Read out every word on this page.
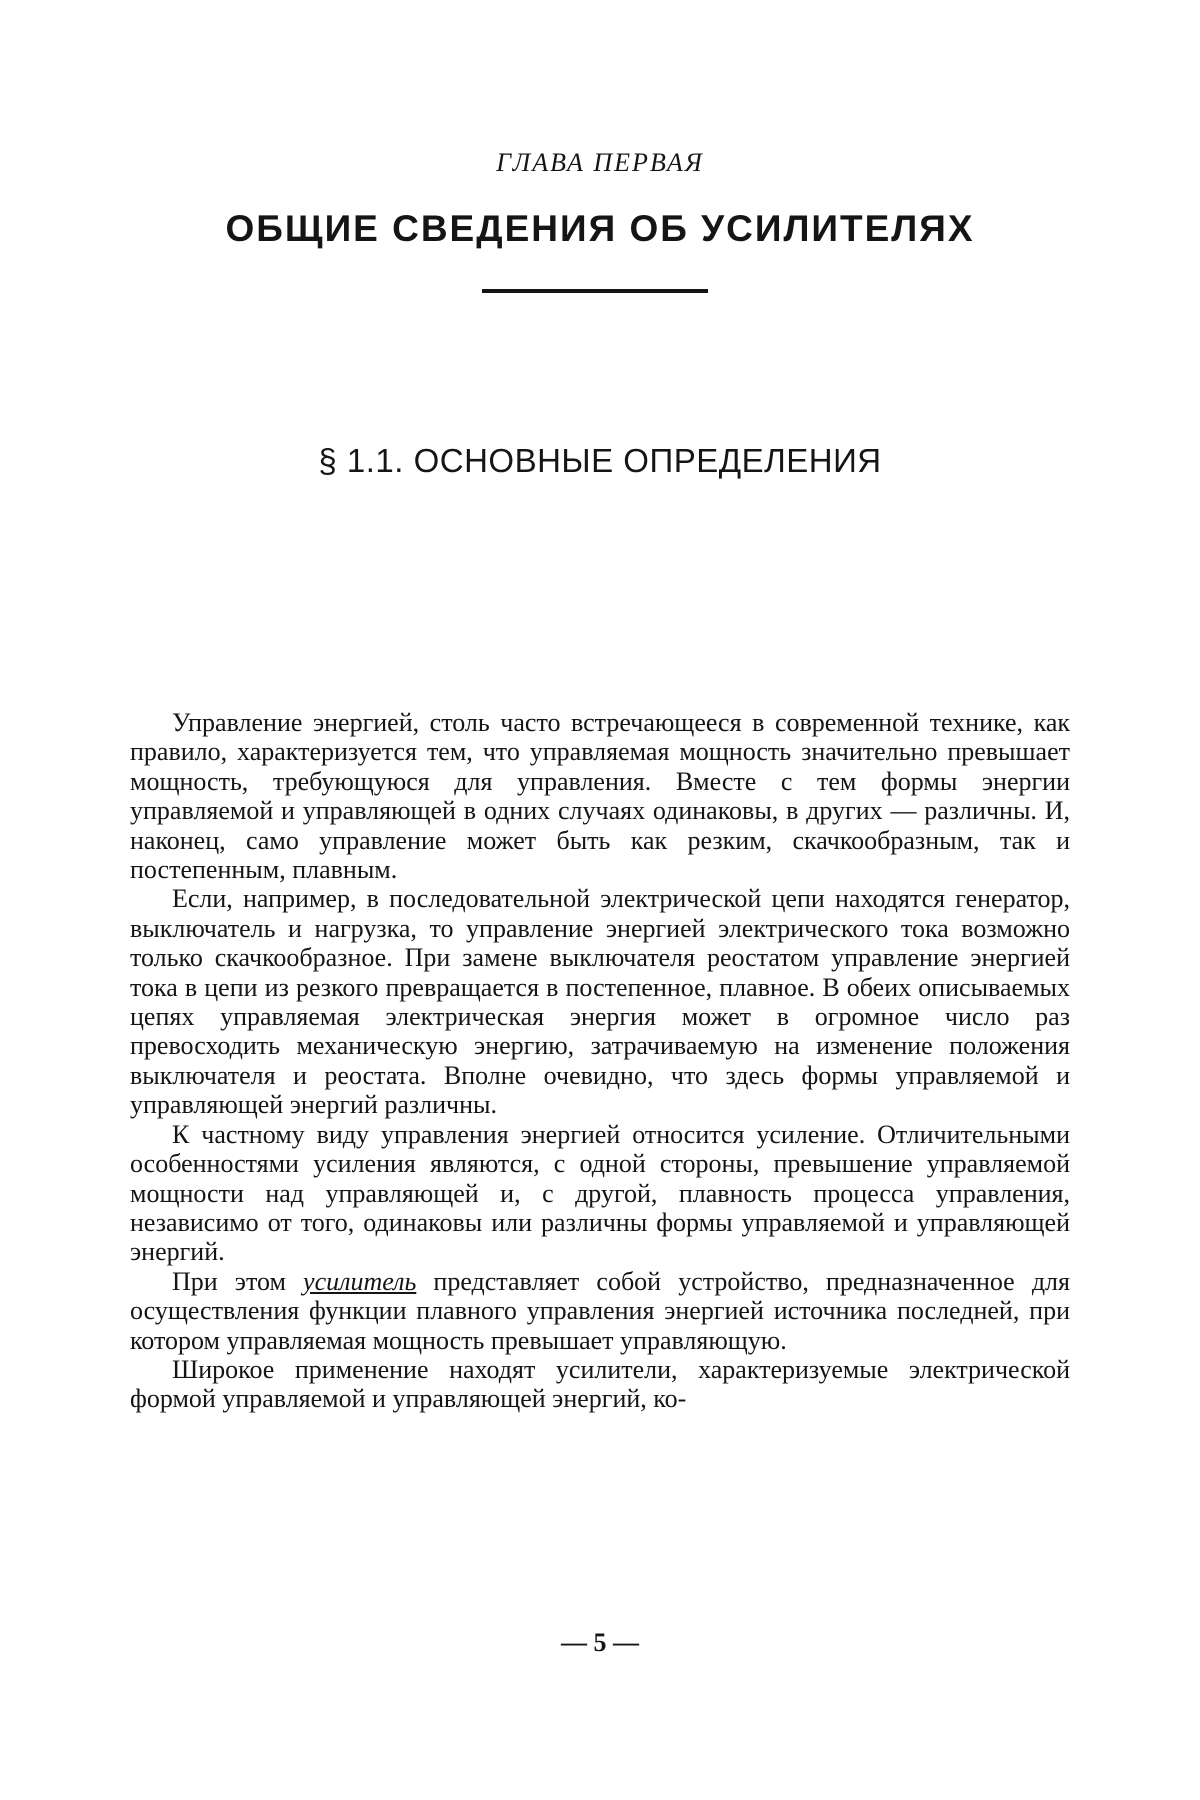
ГЛАВА ПЕРВАЯ
ОБЩИЕ СВЕДЕНИЯ ОБ УСИЛИТЕЛЯХ
§ 1.1. ОСНОВНЫЕ ОПРЕДЕЛЕНИЯ

Управление энергией, столь часто встречающееся в современной технике, как правило, характеризуется тем, что управляемая мощность значительно превышает мощность, требующуюся для управления. Вместе с тем формы энергии управляемой и управляющей в одних случаях одинаковы, в других — различны. И, наконец, само управление может быть как резким, скачкообразным, так и постепенным, плавным.

Если, например, в последовательной электрической цепи находятся генератор, выключатель и нагрузка, то управление энергией электрического тока возможно только скачкообразное. При замене выключателя реостатом управление энергией тока в цепи из резкого превращается в постепенное, плавное. В обеих описываемых цепях управляемая электрическая энергия может в огромное число раз превосходить механическую энергию, затрачиваемую на изменение положения выключателя и реостата. Вполне очевидно, что здесь формы управляемой и управляющей энергий различны.

К частному виду управления энергией относится усиление. Отличительными особенностями усиления являются, с одной стороны, превышение управляемой мощности над управляющей и, с другой, плавность процесса управления, независимо от того, одинаковы или различны формы управляемой и управляющей энергий.

При этом усилитель представляет собой устройство, предназначенное для осуществления функции плавного управления энергией источника последней, при котором управляемая мощность превышает управляющую.

Широкое применение находят усилители, характеризуемые электрической формой управляемой и управляющей энергий, ко-

— 5 —
